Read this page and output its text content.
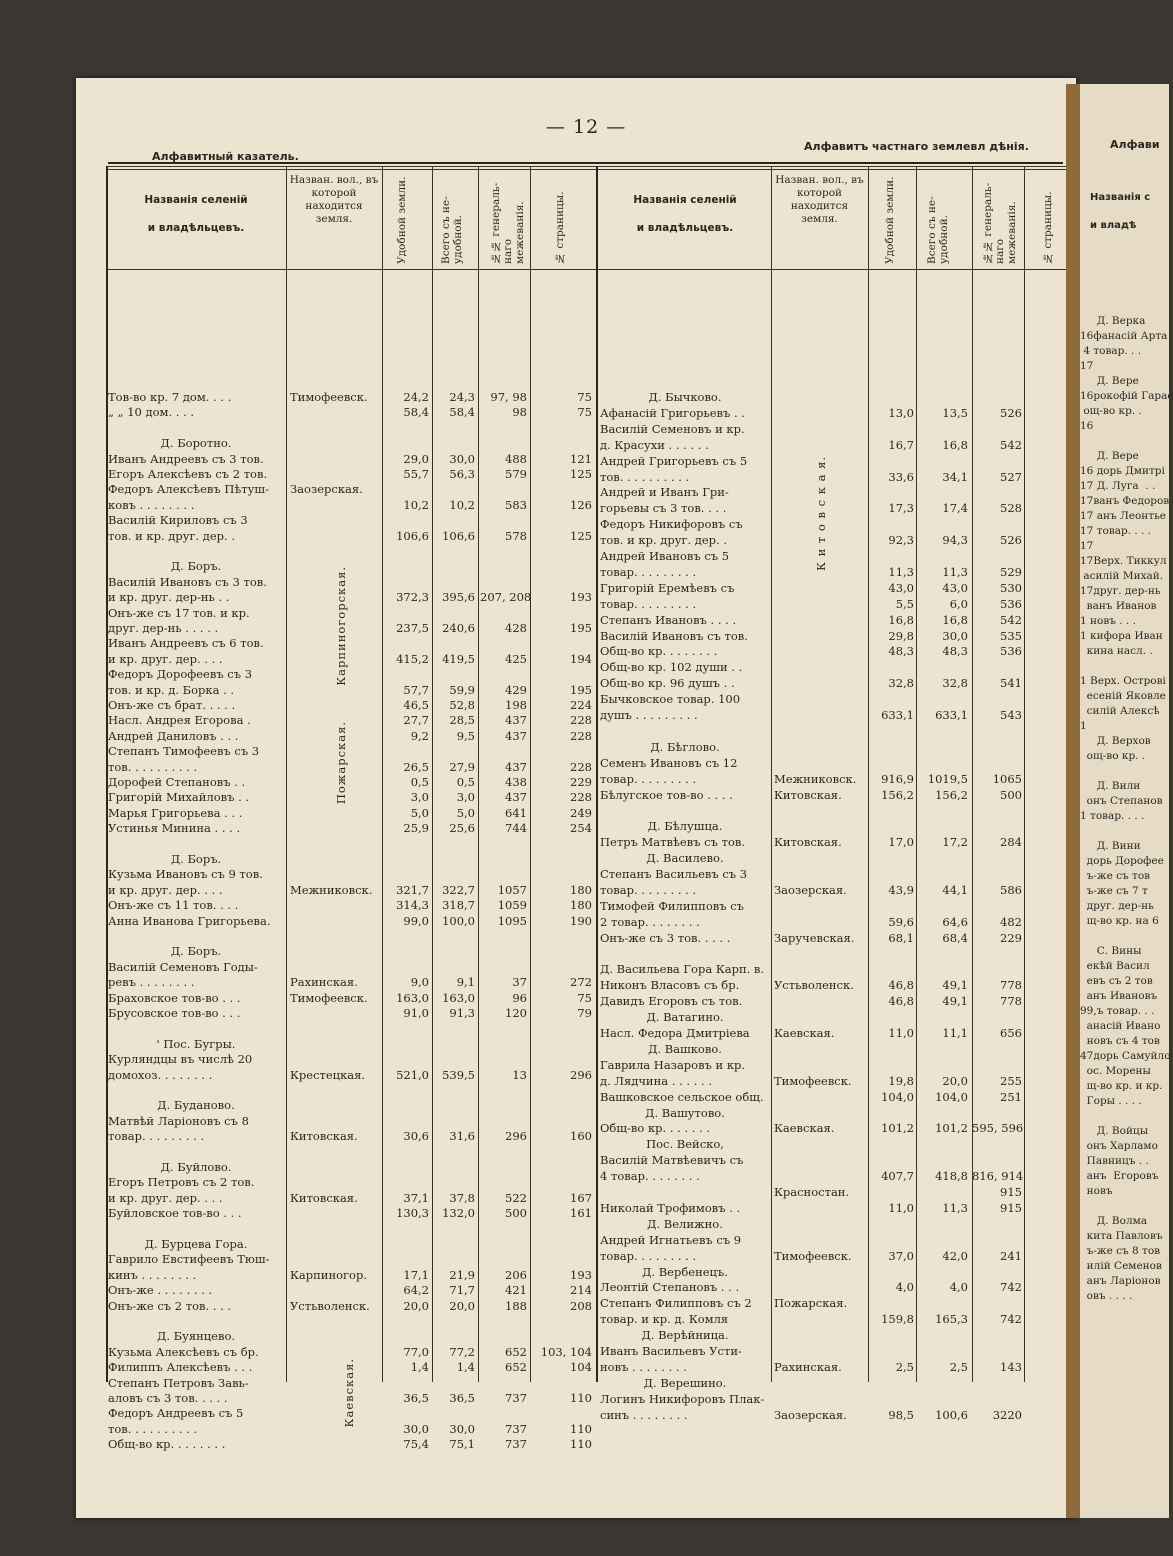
— 12 —
Алфавитный казатель.
Алфавитъ частнаго землевл дѣнія.
Названія селеній
и владѣльцевъ.
Назван. вол., въ которой находится земля.	Удобной земли.	Всего съ не-
удобной. №№ генераль-
наго межеванія.	№ страницы.	Названія селеній
и владѣльцевъ.
Назван. вол., въ которой находится земля.	Удобной земли.	Всего съ не-
удобной.	№№ генераль-
наго межеванія. № страницы.
Карпиногорская.
Пожарская.
Каевская.
К и т о в с к а я.
Тов-во кр. 7 дом. . . .	Тимофеевск.	24,2	24,3	97, 98	75
„ „ 10 дом. . . .	58,4	58,4	98	75
Д. Боротно.
Иванъ Андреевъ съ 3 тов.	29,0	30,0	488	121
Егоръ Алексѣевъ съ 2 тов.	55,7	56,3	579	125
Федоръ Алексѣевъ Пѣтуш-	Заозерская.
ковъ . . . . . . . .	10,2	10,2	583	126
Василій Кириловъ съ 3
тов. и кр. друг. дер. .	106,6	106,6	578	125
Д. Боръ.
Василій Ивановъ съ 3 тов.
и кр. друг. дер-нь . .	372,3	395,6 207, 208	193
Онъ-же съ 17 тов. и кр.
друг. дер-нь . . . . .	237,5	240,6	428	195
Иванъ Андреевъ съ 6 тов.
и кр. друг. дер. . . .	415,2	419,5	425	194
Федоръ Дорофеевъ съ 3
тов. и кр. д. Борка . .	57,7	59,9	429	195
Онъ-же съ брат. . . . .	46,5	52,8	198	224
Насл. Андрея Егорова .	27,7	28,5	437	228
Андрей Даниловъ . . .	9,2	9,5	437	228
Степанъ Тимофеевъ съ 3
тов. . . . . . . . . .	26,5	27,9	437	228
Дорофей Степановъ . .	0,5	0,5	438	229
Григорій Михайловъ . .	3,0	3,0	437	228
Марья Григорьева . . .	5,0	5,0	641	249
Устинья Минина . . . .	25,9	25,6	744	254
Д. Боръ.
Кузьма Ивановъ съ 9 тов.
и кр. друг. дер. . . .	Межниковск.	321,7	322,7	1057	180
Онъ-же съ 11 тов. . . .	314,3	318,7	1059	180
Анна Иванова Григорьева.	99,0	100,0	1095	190
Д. Боръ.
Василій Семеновъ Годы-
ревъ . . . . . . . .	Рахинская.	9,0	9,1	37	272
Браховское тов-во . . .	Тимофеевск.	163,0	163,0	96	75
Брусовское тов-во . . .	91,0	91,3	120	79
' Пос. Бугры.
Курляндцы въ числѣ 20
домохоз. . . . . . . .	Крестецкая.	521,0	539,5	13	296
Д. Буданово.
Матвѣй Ларіоновъ съ 8
товар. . . . . . . . .	Китовская.	30,6	31,6	296	160
Д. Буйлово.
Егоръ Петровъ съ 2 тов.
и кр. друг. дер. . . .	Китовская.	37,1	37,8	522	167
Буйловское тов-во . . .	130,3	132,0	500	161
Д. Бурцева Гора.
Гаврило Евстифеевъ Тюш-
кинъ . . . . . . . .	Карпиногор.	17,1	21,9	206	193
Онъ-же . . . . . . . .	64,2	71,7	421	214
Онъ-же съ 2 тов. . . .	Устьволенск.	20,0	20,0	188	208
Д. Буянцево.
Кузьма Алексѣевъ съ бр.	77,0	77,2	652	103, 104
Филиппъ Алексѣевъ . . .	1,4	1,4	652	104
Степанъ Петровъ Завь-
аловъ съ 3 тов. . . . .	36,5	36,5	737	110
Федоръ Андреевъ съ 5
тов. . . . . . . . . .	30,0	30,0	737	110
Общ-во кр. . . . . . . .	75,4	75,1	737	110
Д. Бычково.
Афанасій Григорьевъ . .	13,0	13,5	526
Василій Семеновъ и кр.
д. Красухи . . . . . .	16,7	16,8	542
Андрей Григорьевъ съ 5
тов. . . . . . . . . .	33,6	34,1	527
Андрей и Иванъ Гри-
горьевы съ 3 тов. . . .	17,3	17,4	528
Федоръ Никифоровъ съ
тов. и кр. друг. дер. .	92,3	94,3	526
Андрей Ивановъ съ 5
товар. . . . . . . . .	11,3	11,3	529
Григорій Еремѣевъ съ	43,0	43,0	530
товар. . . . . . . . .	5,5	6,0	536
Степанъ Ивановъ . . . .	16,8	16,8	542
Василій Ивановъ съ тов.	29,8	30,0	535
Общ-во кр. . . . . . . .	48,3	48,3	536
Общ-во кр. 102 души . .
Общ-во кр. 96 душъ . .	32,8	32,8	541
Бычковское товар. 100
душъ . . . . . . . . .	633,1	633,1	543
Д. Бѣглово.
Семенъ Ивановъ съ 12
товар. . . . . . . . .	Межниковск.	916,9	1019,5	1065
Бѣлугское тов-во . . . .	Китовская.	156,2	156,2	500
Д. Бѣлушца.
Петръ Матвѣевъ съ тов.	Китовская.	17,0	17,2	284
Д. Василево.
Степанъ Васильевъ съ 3
товар. . . . . . . . .	Заозерская.	43,9	44,1	586
Тимофей Филипповъ съ
2 товар. . . . . . . .	59,6	64,6	482
Онъ-же съ 3 тов. . . . .	Заручевская.	68,1	68,4	229
Д. Васильева Гора Карп. в.
Никонъ Власовъ съ бр.	Устьволенск.	46,8	49,1	778
Давидъ Егоровъ съ тов.	46,8	49,1	778
Д. Ватагино.
Насл. Федора Дмитріева	Каевская.	11,0	11,1	656
Д. Вашково.
Гаврила Назаровъ и кр.
д. Лядчина . . . . . .	Тимофеевск.	19,8	20,0	255
Вашковское сельское общ.	104,0	104,0	251
Д. Вашутово.
Общ-во кр. . . . . . .	Каевская.	101,2	101,2 595, 596
Пос. Вейско,
Василій Матвѣевичъ съ
4 товар. . . . . . . .	407,7	418,8 816, 914
Красностан.	915
Николай Трофимовъ . .	11,0	11,3	915
Д. Велижно.
Андрей Игнатьевъ съ 9
товар. . . . . . . . .	Тимофеевск.	37,0	42,0	241
Д. Вербенецъ.
Леонтій Степановъ . . .	4,0	4,0	742
Степанъ Филипповъ съ 2	Пожарская.
товар. и кр. д. Комля	159,8	165,3	742
Д. Верѣйница.
Иванъ Васильевъ Усти-
новъ . . . . . . . .	Рахинская.	2,5	2,5	143
Д. Верешино.
Логинъ Никифоровъ Плак-
синъ . . . . . . . .	Заозерская.	98,5	100,6	3220
Алфави
Названія с
и владѣ
Д. Верка
16фанасій Арта
4 товар. . .
17
Д. Вере
16рокофій Гарас
ощ-во кр. .
16

Д. Вере
16 дорь Дмитрі
17 Д. Луга  . .
17ванъ Федоров
17 анъ Леонтье
17 товар. . . .
17
17Верх. Тиккул
асилій Михай.
17друг. дер-нь
ванъ Иванов
1 новъ . . .
1 кифора Иван
кина насл. .

1 Верх. Острові
есеній Яковле
силій Алексѣ
1
Д. Верхов
ощ-во кр. .

Д. Вили
онъ Степанов
1 товар. . . .

Д. Вини
дорь Дорофее
ъ-же съ тов
ъ-же съ 7 т
друг. дер-нь
щ-во кр. на 6

С. Вины
екѣй Васил
евъ съ 2 тов
анъ Ивановъ
99,ъ товар. . .
анасій Ивано
новъ съ 4 тов
47дорь Самуйло
ос. Морены
щ-во кр. и кр.
Горы . . . .

Д. Войцы
онъ Харламо
Павницъ . .
анъ  Егоровъ
новъ

Д. Волма
кита Павловъ
ъ-же съ 8 тов
илій Семенов
анъ Ларіонов
овъ . . . .
